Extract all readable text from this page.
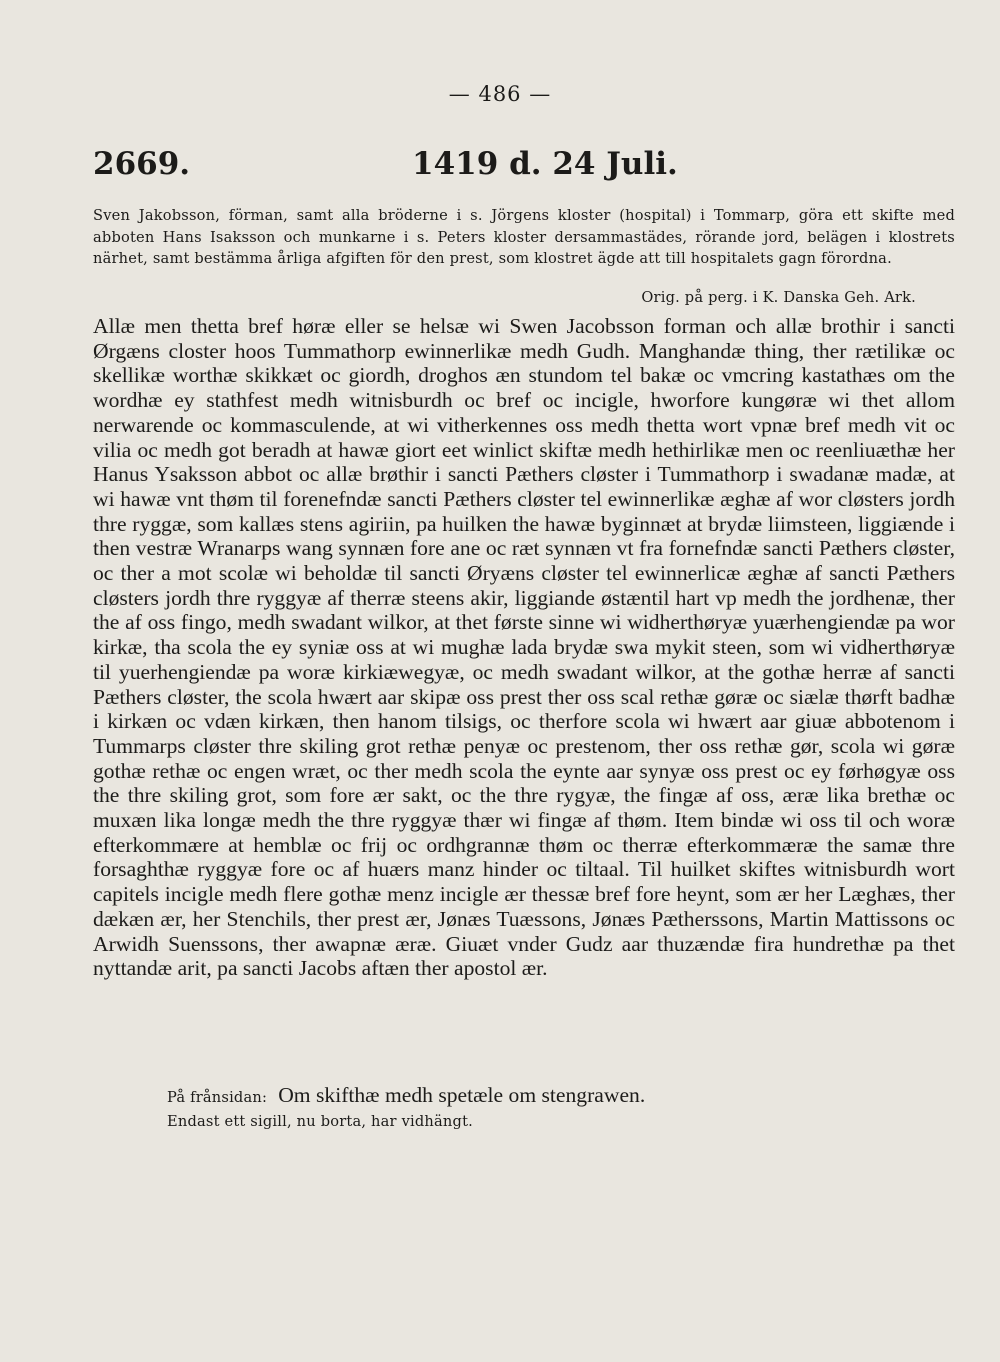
— 486 —
2669.	1419 d. 24 Juli.
Sven Jakobsson, förman, samt alla bröderne i s. Jörgens kloster (hospital) i Tommarp, göra ett skifte med abboten Hans Isaksson och munkarne i s. Peters kloster dersammastädes, rörande jord, belägen i klostrets närhet, samt bestämma årliga afgiften för den prest, som klostret ägde att till hospitalets gagn förordna.
Orig. på perg. i K. Danska Geh. Ark.

Allæ men thetta bref høræ eller se helsæ wi Swen Jacobsson forman och allæ brothir i sancti Ørgæns closter hoos Tummathorp ewinnerlikæ medh Gudh. Manghandæ thing, ther rætilikæ oc skellikæ worthæ skikkæt oc giordh, droghos æn stundom tel bakæ oc vmcring kastathæs om the wordhæ ey stathfest medh witnisburdh oc bref oc incigle, hworfore kungøræ wi thet allom nerwarende oc kommasculende, at wi vitherkennes oss medh thetta wort vpnæ bref medh vit oc vilia oc medh got beradh at hawæ giort eet winlict skiftæ medh hethirlikæ men oc reenliuæthæ her Hanus Ysaksson abbot oc allæ brøthir i sancti Pæthers cløster i Tummathorp i swadanæ madæ, at wi hawæ vnt thøm til forenefndæ sancti Pæthers cløster tel ewinnerlikæ æghæ af wor cløsters jordh thre ryggæ, som kallæs stens agiriin, pa huilken the hawæ byginnæt at brydæ liimsteen, liggiænde i then vestræ Wranarps wang synnæn fore ane oc ræt synnæn vt fra fornefndæ sancti Pæthers cløster, oc ther a mot scolæ wi beholdæ til sancti Øryæns cløster tel ewinnerlicæ æghæ af sancti Pæthers cløsters jordh thre ryggyæ af therræ steens akir, liggiande østæntil hart vp medh the jordhenæ, ther the af oss fingo, medh swadant wilkor, at thet første sinne wi widherthøryæ yuærhengiendæ pa wor kirkæ, tha scola the ey syniæ oss at wi mughæ lada brydæ swa mykit steen, som wi vidherthøryæ til yuerhengiendæ pa woræ kirkiæwegyæ, oc medh swadant wilkor, at the gothæ herræ af sancti Pæthers cløster, the scola hwært aar skipæ oss prest ther oss scal rethæ gøræ oc siælæ thørft badhæ i kirkæn oc vdæn kirkæn, then hanom tilsigs, oc therfore scola wi hwært aar giuæ abbotenom i Tummarps cløster thre skiling grot rethæ penyæ oc prestenom, ther oss rethæ gør, scola wi gøræ gothæ rethæ oc engen wræt, oc ther medh scola the eynte aar synyæ oss prest oc ey førhøgyæ oss the thre skiling grot, som fore ær sakt, oc the thre rygyæ, the fingæ af oss, æræ lika brethæ oc muxæn lika longæ medh the thre ryggyæ thær wi fingæ af thøm. Item bindæ wi oss til och woræ efterkommære at hemblæ oc frij oc ordhgrannæ thøm oc therræ efterkommæræ the samæ thre forsaghthæ ryggyæ fore oc af huærs manz hinder oc tiltaal. Til huilket skiftes witnisburdh wort capitels incigle medh flere gothæ menz incigle ær thessæ bref fore heynt, som ær her Læghæs, ther dækæn ær, her Stenchils, ther prest ær, Jønæs Tuæssons, Jønæs Pætherssons, Martin Mattissons oc Arwidh Suenssons, ther awapnæ æræ. Giuæt vnder Gudz aar thuzændæ fira hundrethæ pa thet nyttandæ arit, pa sancti Jacobs aftæn ther apostol ær.

På frånsidan: Om skifthæ medh spetæle om stengrawen.
Endast ett sigill, nu borta, har vidhängt.
